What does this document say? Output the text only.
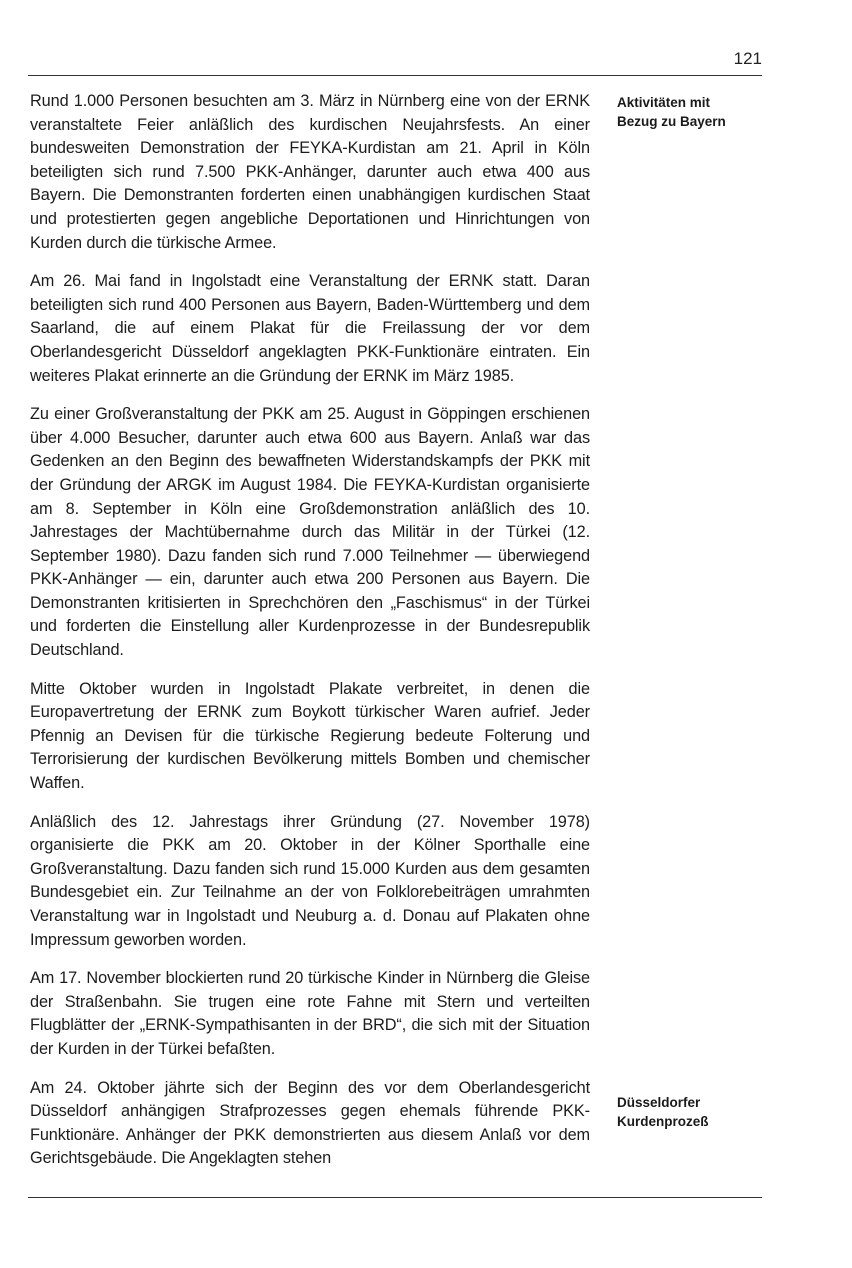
121

Rund 1.000 Personen besuchten am 3. März in Nürnberg eine von der ERNK veranstaltete Feier anläßlich des kurdischen Neujahrsfests. An einer bundesweiten Demonstration der FEYKA-Kurdistan am 21. April in Köln beteiligten sich rund 7.500 PKK-Anhänger, darunter auch etwa 400 aus Bayern. Die Demonstranten forderten einen unabhängigen kurdischen Staat und protestierten gegen angebliche Deportationen und Hinrichtungen von Kurden durch die türkische Armee.

Am 26. Mai fand in Ingolstadt eine Veranstaltung der ERNK statt. Daran beteiligten sich rund 400 Personen aus Bayern, Baden-Württemberg und dem Saarland, die auf einem Plakat für die Freilassung der vor dem Oberlandesgericht Düsseldorf angeklagten PKK-Funktionäre eintraten. Ein weiteres Plakat erinnerte an die Gründung der ERNK im März 1985.

Zu einer Großveranstaltung der PKK am 25. August in Göppingen erschienen über 4.000 Besucher, darunter auch etwa 600 aus Bayern. Anlaß war das Gedenken an den Beginn des bewaffneten Widerstandskampfs der PKK mit der Gründung der ARGK im August 1984. Die FEYKA-Kurdistan organisierte am 8. September in Köln eine Großdemonstration anläßlich des 10. Jahrestages der Machtübernahme durch das Militär in der Türkei (12. September 1980). Dazu fanden sich rund 7.000 Teilnehmer — überwiegend PKK-Anhänger — ein, darunter auch etwa 200 Personen aus Bayern. Die Demonstranten kritisierten in Sprechchören den „Faschismus“ in der Türkei und forderten die Einstellung aller Kurdenprozesse in der Bundesrepublik Deutschland.

Mitte Oktober wurden in Ingolstadt Plakate verbreitet, in denen die Europavertretung der ERNK zum Boykott türkischer Waren aufrief. Jeder Pfennig an Devisen für die türkische Regierung bedeute Folterung und Terrorisierung der kurdischen Bevölkerung mittels Bomben und chemischer Waffen.

Anläßlich des 12. Jahrestags ihrer Gründung (27. November 1978) organisierte die PKK am 20. Oktober in der Kölner Sporthalle eine Großveranstaltung. Dazu fanden sich rund 15.000 Kurden aus dem gesamten Bundesgebiet ein. Zur Teilnahme an der von Folklorebeiträgen umrahmten Veranstaltung war in Ingolstadt und Neuburg a. d. Donau auf Plakaten ohne Impressum geworben worden.

Am 17. November blockierten rund 20 türkische Kinder in Nürnberg die Gleise der Straßenbahn. Sie trugen eine rote Fahne mit Stern und verteilten Flugblätter der „ERNK-Sympathisanten in der BRD“, die sich mit der Situation der Kurden in der Türkei befaßten.

Am 24. Oktober jährte sich der Beginn des vor dem Oberlandesgericht Düsseldorf anhängigen Strafprozesses gegen ehemals führende PKK-Funktionäre. Anhänger der PKK demonstrierten aus diesem Anlaß vor dem Gerichtsgebäude. Die Angeklagten stehen

Aktivitäten mit
Bezug zu Bayern
Düsseldorfer
Kurdenprozeß
